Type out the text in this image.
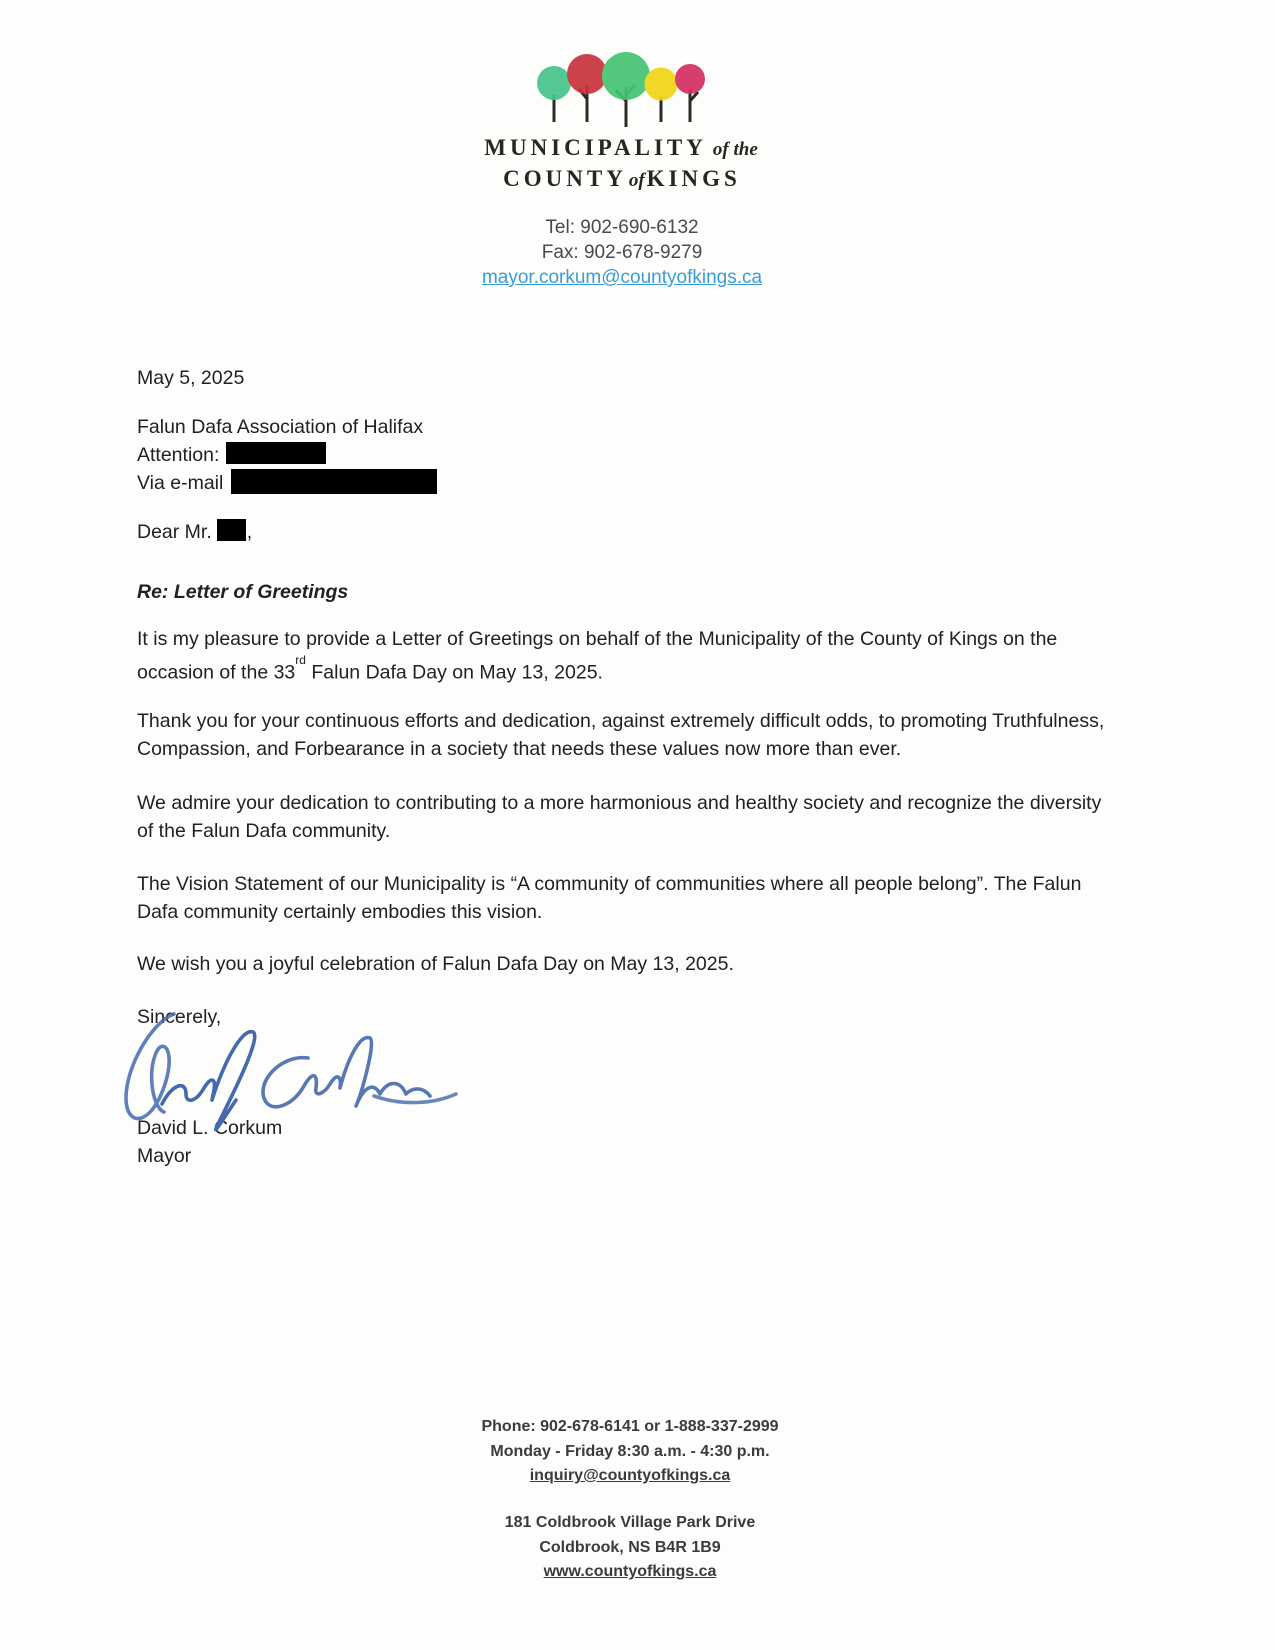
MUNICIPALITY of the
COUNTY ofKINGS
Tel: 902-690-6132
Fax: 902-678-9279
mayor.corkum@countyofkings.ca
May 5, 2025
Falun Dafa Association of Halifax
Attention:
Via e-mail
Dear Mr. ,
Re: Letter of Greetings
It is my pleasure to provide a Letter of Greetings on behalf of the Municipality of the County of Kings on the occasion of the 33rd Falun Dafa Day on May 13, 2025.
Thank you for your continuous efforts and dedication, against extremely difficult odds, to promoting Truthfulness, Compassion, and Forbearance in a society that needs these values now more than ever.
We admire your dedication to contributing to a more harmonious and healthy society and recognize the diversity of the Falun Dafa community.
The Vision Statement of our Municipality is “A community of communities where all people belong”. The Falun Dafa community certainly embodies this vision.
We wish you a joyful celebration of Falun Dafa Day on May 13, 2025.
Sincerely,
David L. Corkum
Mayor
Phone: 902-678-6141 or 1-888-337-2999
Monday - Friday 8:30 a.m. - 4:30 p.m.
inquiry@countyofkings.ca
181 Coldbrook Village Park Drive
Coldbrook, NS B4R 1B9
www.countyofkings.ca
